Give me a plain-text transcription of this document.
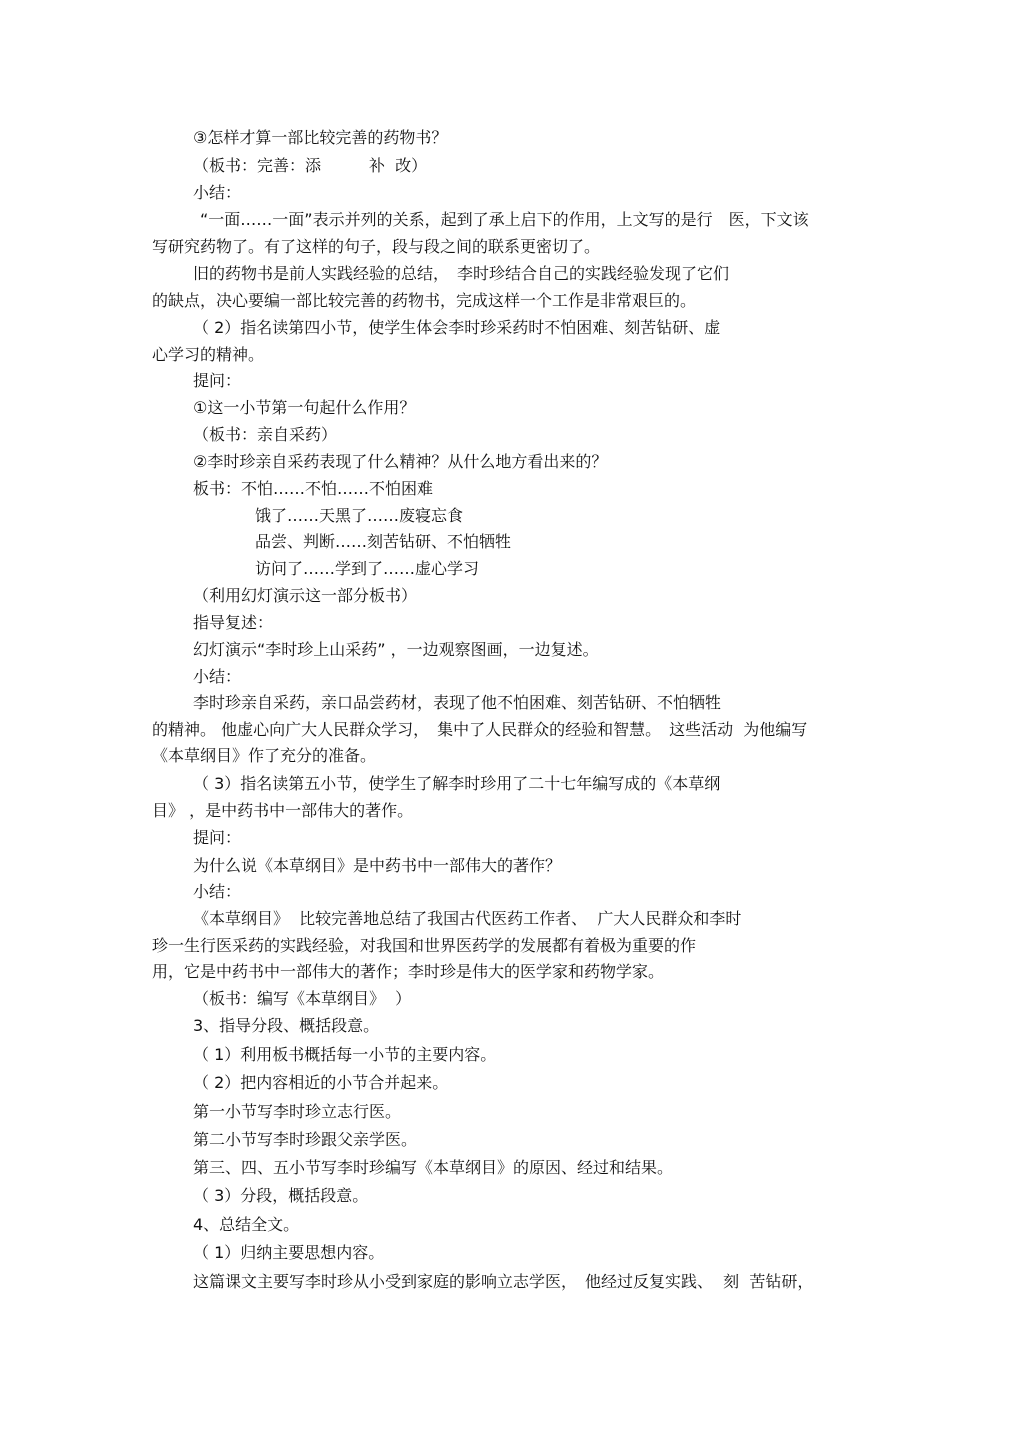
③怎样才算一部比较完善的药物书？
（板书：完善：添　　　补  改）
小结：
“一面……一面”表示并列的关系，起到了承上启下的作用，上文写的是行　医，下文该
写研究药物了。有了这样的句子，段与段之间的联系更密切了。
旧的药物书是前人实践经验的总结，　李时珍结合自己的实践经验发现了它们
的缺点，决心要编一部比较完善的药物书，完成这样一个工作是非常艰巨的。
（ 2）指名读第四小节，使学生体会李时珍采药时不怕困难、刻苦钻研、虚
心学习的精神。
提问：
①这一小节第一句起什么作用？
（板书：亲自采药）
②李时珍亲自采药表现了什么精神？从什么地方看出来的？
板书：不怕……不怕……不怕困难
饿了……天黑了……废寝忘食
品尝、判断……刻苦钻研、不怕牺牲
访问了……学到了……虚心学习
（利用幻灯演示这一部分板书）
指导复述：
幻灯演示“李时珍上山采药” ，一边观察图画，一边复述。
小结：
李时珍亲自采药，亲口品尝药材，表现了他不怕困难、刻苦钻研、不怕牺牲
的精神。 他虚心向广大人民群众学习，　集中了人民群众的经验和智慧。　这些活动  为他编写
《本草纲目》作了充分的准备。
（ 3）指名读第五小节，使学生了解李时珍用了二十七年编写成的《本草纲
目》 ，是中药书中一部伟大的著作。
提问：
为什么说《本草纲目》是中药书中一部伟大的著作？
小结：
《本草纲目》  比较完善地总结了我国古代医药工作者、  广大人民群众和李时
珍一生行医采药的实践经验，对我国和世界医药学的发展都有着极为重要的作
用，它是中药书中一部伟大的著作；李时珍是伟大的医学家和药物学家。
（板书：编写《本草纲目》  ）
3、指导分段、概括段意。
（ 1）利用板书概括每一小节的主要内容。
（ 2）把内容相近的小节合并起来。
第一小节写李时珍立志行医。
第二小节写李时珍跟父亲学医。
第三、四、五小节写李时珍编写《本草纲目》的原因、经过和结果。
（ 3）分段，概括段意。
4、总结全文。
（ 1）归纳主要思想内容。
这篇课文主要写李时珍从小受到家庭的影响立志学医，　他经过反复实践、  刻  苦钻研，
